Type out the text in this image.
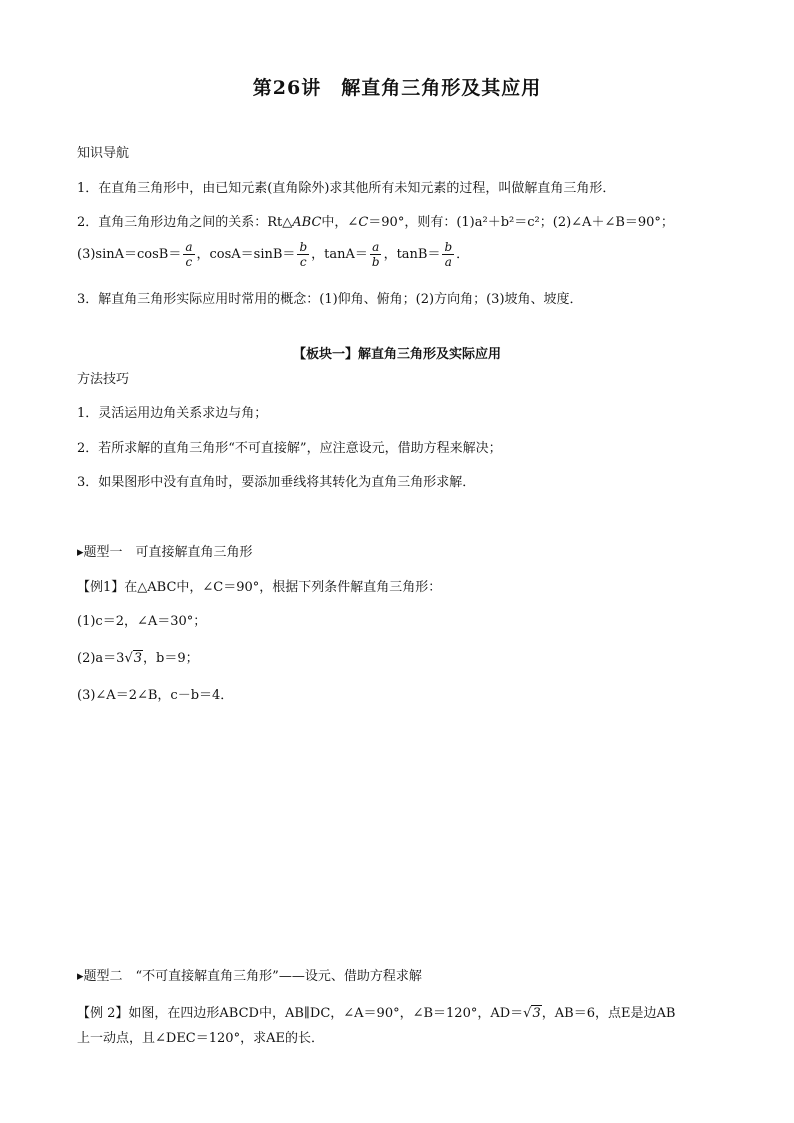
第26讲　解直角三角形及其应用
知识导航
1．在直角三角形中，由已知元素(直角除外)求其他所有未知元素的过程，叫做解直角三角形．
2．直角三角形边角之间的关系：Rt△ABC中，∠C＝90°，则有：(1)a²＋b²＝c²；(2)∠A＋∠B＝90°；
$(3)\sin A=\cos B= \frac{a}{c}$ ，$\cos A=\sin B= \frac{b}{c}$ ，$\tan A= \frac{a}{b}$ ，$\tan B= \frac{b}{a}$ ．
3．解直角三角形实际应用时常用的概念：(1)仰角、俯角；(2)方向角；(3)坡角、坡度．
【板块一】解直角三角形及实际应用
方法技巧
1．灵活运用边角关系求边与角；
2．若所求解的直角三角形“不可直接解”，应注意设元，借助方程来解决；
3．如果图形中没有直角时，要添加垂线将其转化为直角三角形求解．
▸题型一　可直接解直角三角形
【例1】在△ABC中，∠C＝90°，根据下列条件解直角三角形：
(1)c＝2，∠A＝30°；
(2)a＝3√3，b＝9；
(3)∠A＝2∠B，c－b＝4．
▸题型二　“不可直接解直角三角形”——设元、借助方程求解
【例 2】如图，在四边形ABCD中，AB∥DC，∠A＝90°，∠B＝120°，AD＝√3，AB＝6，点E是边AB
上一动点，且∠DEC＝120°，求AE的长．
